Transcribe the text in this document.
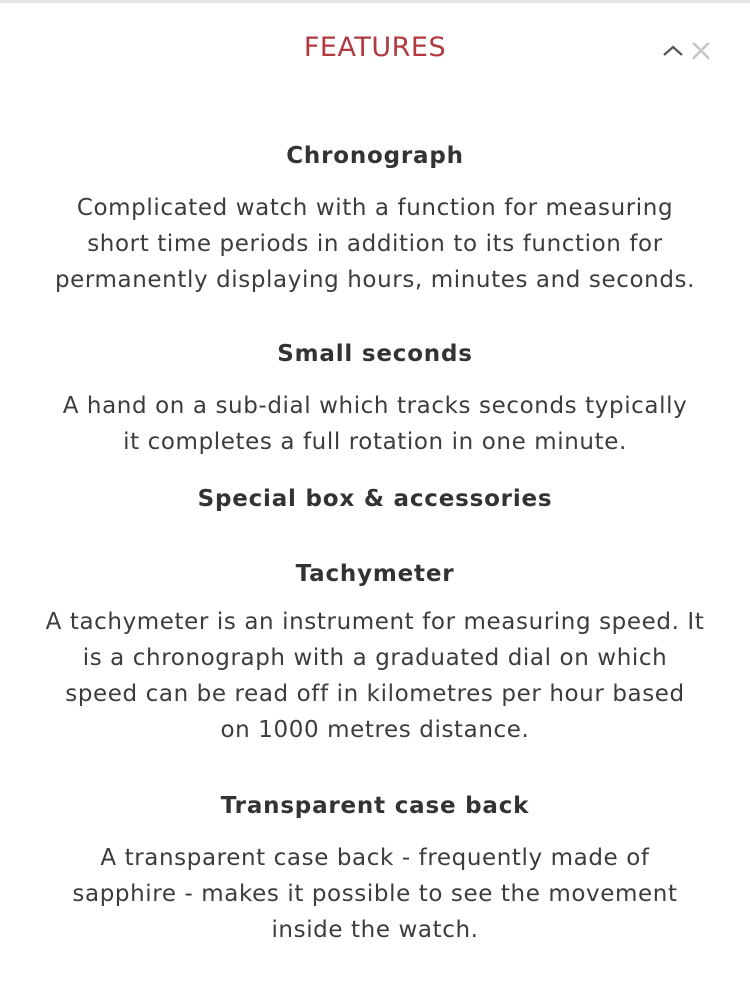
FEATURES
Chronograph
Complicated watch with a function for measuring
short time periods in addition to its function for
permanently displaying hours, minutes and seconds.
Small seconds
A hand on a sub-dial which tracks seconds typically
it completes a full rotation in one minute.
Special box & accessories
Tachymeter
A tachymeter is an instrument for measuring speed. It
is a chronograph with a graduated dial on which
speed can be read off in kilometres per hour based
on 1000 metres distance.
Transparent case back
A transparent case back - frequently made of
sapphire - makes it possible to see the movement
inside the watch.
